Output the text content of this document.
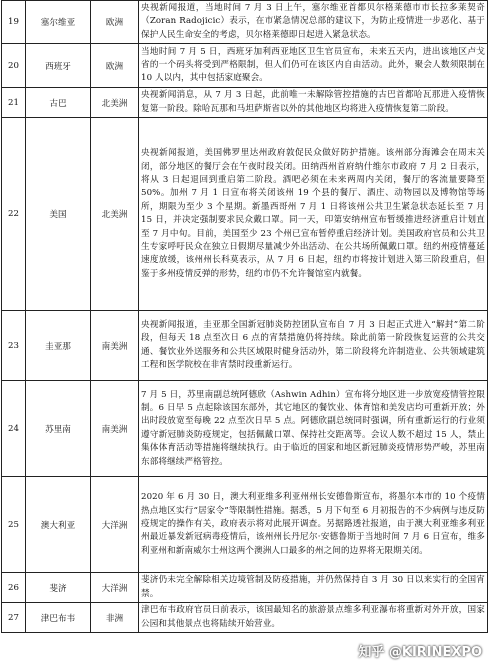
19	塞尔维亚	欧洲	央视新闻报道，当地时间 7 月 3 日上午，塞尔维亚首都贝尔格莱德市市长拉多莱契奇（Zoran Radojicic）表示，在市紧急情况总部的建议下，为防止疫情进一步恶化、基于保护人民生命安全的考虑，贝尔格莱德即日起进入紧急状态。
20	西班牙	欧洲	当地时间 7 月 5 日，西班牙加利西亚地区卫生官员宣布，未来五天内，进出该地区卢戈省的一个码头将受到严格限制，但人们仍可在该区内自由活动。此外，聚会人数须限制在 10 人以内，其中包括家庭聚会。
21	古巴	北美洲	央视新闻消息，从 7 月 3 日起，此前唯一未解除管控措施的古巴首都哈瓦那进入疫情恢复第一阶段。除哈瓦那和马坦萨斯省以外的其他地区均将进入疫情恢复第二阶段。
22	美国	北美洲	央视新闻报道，美国佛罗里达州政府敦促民众做好防护措施。该州部分海滩会在周末关闭，部分地区的餐厅会在午夜时段关闭。田纳西州首府纳什维尔市政府 7 月 2 日表示，将从 3 日起退回到重启第二阶段。酒吧必须在未来两周内关闭，餐厅的客流量要降至 50%。加州 7 月 1 日宣布将关闭该州 19 个县的餐厅、酒庄、动物园以及博物馆等场所，期限为至少 3 个星期。新墨西哥州 7 月 1 日将该州公共卫生紧急状态延长至 7 月 15 日，并决定强制要求民众戴口罩。同一天，印第安纳州宣布暂缓推进经济重启计划直至 7 月中旬。目前，美国至少 23 个州已宣布暂停重启经济计划。美国政府官员和公共卫生专家呼吁民众在独立日假期尽量减少外出活动、在公共场所佩戴口罩。纽约州疫情蔓延速度放缓，该州州长科莫表示，从 7 月 6 日起，纽约市将按计划进入第三阶段重启，但鉴于多州疫情反弹的形势，纽约市仍不允许餐馆室内就餐。
23	圭亚那	南美洲	央视新闻报道，圭亚那全国新冠肺炎防控团队宣布自 7 月 3 日起正式进入“解封”第二阶段，但每天 18 点至次日 6 点的宵禁措施仍将持续。除此前第一阶段恢复运营的公共交通、餐饮业外送服务和公共区域限时健身活动外，第二阶段将允许制造业、公共领域建筑工程和医学院校在非宵禁时段重新运行。
24	苏里南	南美洲	7 月 5 日，苏里南副总统阿德欣（Ashwin Adhin）宣布将分地区进一步放宽疫情管控限制。6 日早 5 点起除该国东部外，其它地区的餐饮业、体育馆和美发店均可重新开放；外出时段放宽至每晚 22 点至次日早 5 点。阿德欣副总统同时强调，所有重新运行的行业须遵守新冠肺炎防疫规定，包括佩戴口罩、保持社交距离等。会议人数不超过 15 人，禁止集体体育活动等措施将继续执行。由于临近的国家和地区新冠肺炎疫情形势严峻，苏里南东部将继续严格管控。
25	澳大利亚	大洋洲	2020 年 6 月 30 日，澳大利亚维多利亚州州长安德鲁斯宣布，将墨尔本市的 10 个疫情热点地区实行“居家令”等限制性措施。据悉，5 月下旬至 6 月初报告的不少病例与违反防疫规定的操作有关，政府表示将对此展开调查。另据路透社报道，由于澳大利亚维多利亚州最近暴发新冠病毒疫情后，该州州长丹尼尔·安德鲁斯于当地时间 7 月 6 日宣布，维多利亚州和新南威尔士州这两个澳洲人口最多的州之间的边界将无限期关闭。
26	斐济	大洋洲	斐济仍未完全解除相关边境管制及防疫措施，并仍然保持自 3 月 30 日以来实行的全国宵禁。
27	津巴布韦	非洲	津巴布韦政府官员日前表示，该国最知名的旅游景点维多利亚瀑布将重新对外开放，国家公园和其他景点也将陆续开始营业。
知乎 @KIRINEXPO
